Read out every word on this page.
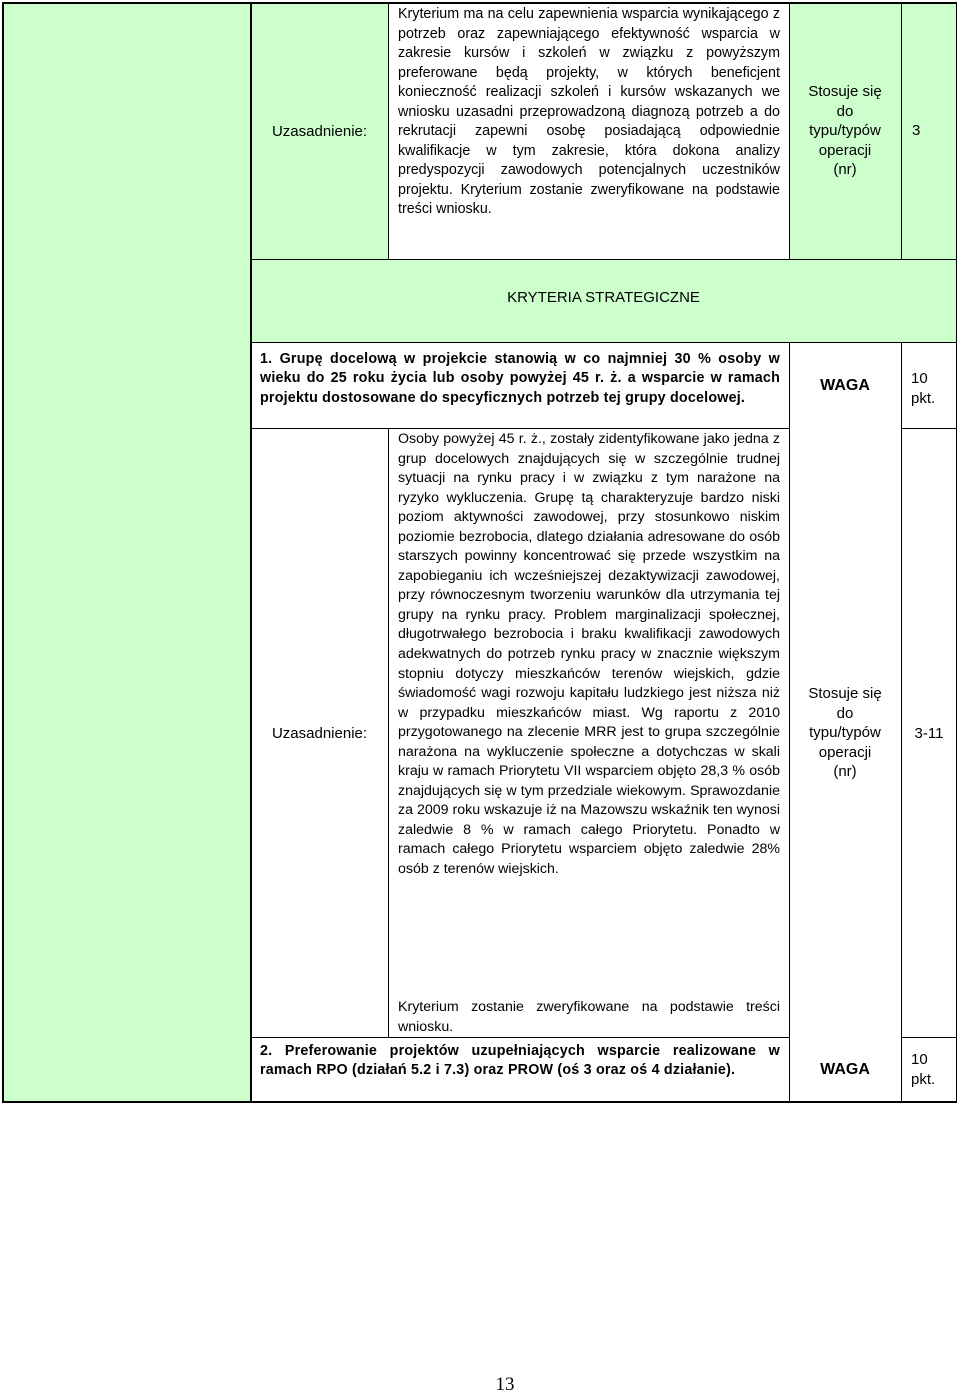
Uzasadnienie:
Kryterium ma na celu zapewnienia wsparcia wynikającego z potrzeb oraz zapewniającego efektywność wsparcia w zakresie kursów i szkoleń w związku z powyższym preferowane będą projekty, w których beneficjent konieczność realizacji szkoleń i kursów wskazanych we wniosku uzasadni przeprowadzoną diagnozą potrzeb a do rekrutacji zapewni osobę posiadającą odpowiednie kwalifikacje w tym zakresie, która dokona analizy predyspozycji zawodowych potencjalnych uczestników projektu. Kryterium zostanie zweryfikowane na podstawie treści wniosku.
Stosuje się
do
typu/typów
operacji
(nr)
3
KRYTERIA STRATEGICZNE
1. Grupę docelową w projekcie stanowią w co najmniej 30 % osoby w wieku do 25 roku życia lub osoby powyżej 45 r. ż. a wsparcie w ramach projektu dostosowane do specyficznych potrzeb tej grupy docelowej.
WAGA	10
pkt.
Uzasadnienie:
Osoby powyżej 45 r. ż., zostały zidentyfikowane jako jedna z grup docelowych znajdujących się w szczególnie trudnej sytuacji na rynku pracy i w związku z tym narażone na ryzyko wykluczenia. Grupę tą charakteryzuje bardzo niski poziom aktywności zawodowej, przy stosunkowo niskim poziomie bezrobocia, dlatego działania adresowane do osób starszych powinny koncentrować się przede wszystkim na zapobieganiu ich wcześniejszej dezaktywizacji zawodowej, przy równoczesnym tworzeniu warunków dla utrzymania tej grupy na rynku pracy. Problem marginalizacji społecznej, długotrwałego bezrobocia i braku kwalifikacji zawodowych adekwatnych do potrzeb rynku pracy w znacznie większym stopniu dotyczy mieszkańców terenów wiejskich, gdzie świadomość wagi rozwoju kapitału ludzkiego jest niższa niż w przypadku mieszkańców miast. Wg raportu z 2010 przygotowanego na zlecenie MRR jest to grupa szczególnie narażona na wykluczenie społeczne a dotychczas w skali kraju w ramach Priorytetu VII wsparciem objęto 28,3 % osób znajdujących się w tym przedziale wiekowym. Sprawozdanie za 2009 roku wskazuje iż na Mazowszu wskaźnik ten wynosi zaledwie 8 % w ramach całego Priorytetu. Ponadto w ramach całego Priorytetu wsparciem objęto zaledwie 28% osób z terenów wiejskich.
Kryterium zostanie zweryfikowane na podstawie treści wniosku.
Stosuje się
do
typu/typów
operacji
(nr)
3-11
2. Preferowanie projektów uzupełniających wsparcie realizowane w ramach RPO (działań 5.2 i 7.3) oraz PROW (oś 3 oraz oś 4 działanie).	WAGA
10
pkt.
13
